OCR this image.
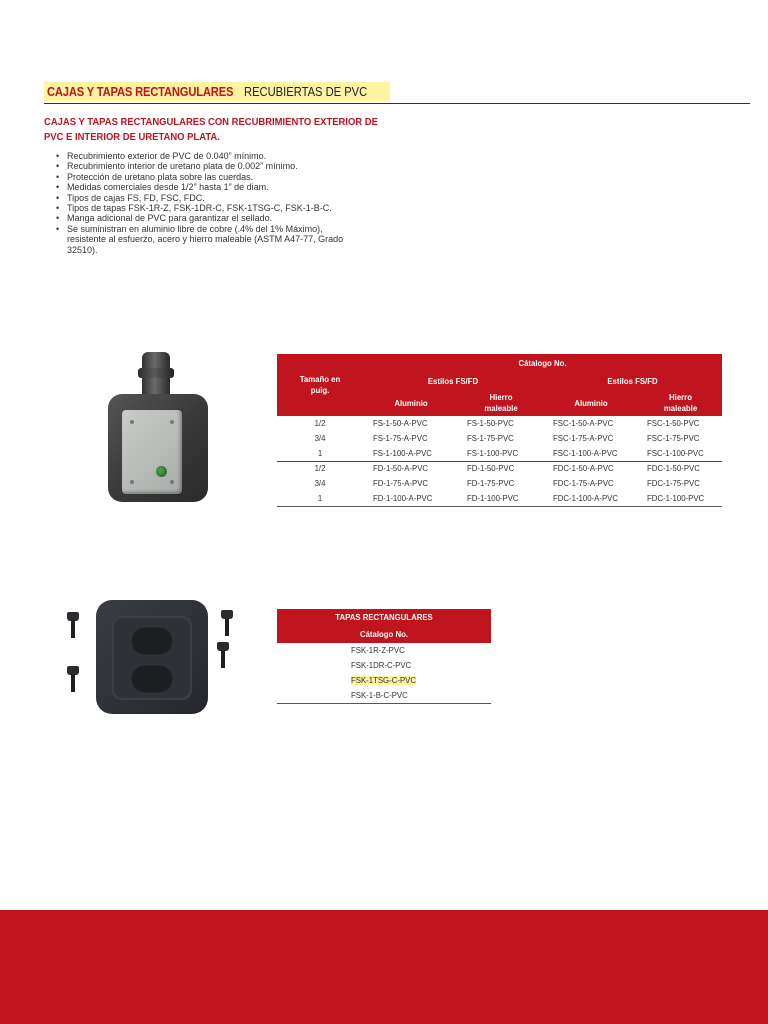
CAJAS Y TAPAS RECTANGULARES RECUBIERTAS DE PVC
CAJAS Y TAPAS RECTANGULARES CON RECUBRIMIENTO EXTERIOR DE
PVC E INTERIOR DE URETANO PLATA.
• Recubrimiento exterior de PVC de 0.040” mínimo.
• Recubrimiento interior de uretano plata de 0.002” mínimo.
• Protección de uretano plata sobre las cuerdas.
• Medidas comerciales desde 1/2” hasta 1” de diam.
• Tipos de cajas FS, FD, FSC, FDC.
• Tipos de tapas FSK-1R-Z, FSK-1DR-C, FSK-1TSG-C, FSK-1-B-C.
• Manga adicional de PVC para garantizar el sellado.
• Se suministran en aluminio libre de cobre (.4% del 1% Máximo), resistente al esfuerzo, acero y hierro maleable (ASTM A47-77, Grado 32510).
Tamaño en puig.	Cátalogo No.			
	Estilos FS/FD		Estilos FS/FD	
	Aluminio	Hierro maleable	Aluminio	Hierro maleable
1/2	FS-1-50-A-PVC	FS-1-50-PVC	FSC-1-50-A-PVC	FSC-1-50-PVC
3/4	FS-1-75-A-PVC	FS-1-75-PVC	FSC-1-75-A-PVC	FSC-1-75-PVC
1	FS-1-100-A-PVC	FS-1-100-PVC	FSC-1-100-A-PVC	FSC-1-100-PVC
1/2	FD-1-50-A-PVC	FD-1-50-PVC	FDC-1-50-A-PVC	FDC-1-50-PVC
3/4	FD-1-75-A-PVC	FD-1-75-PVC	FDC-1-75-A-PVC	FDC-1-75-PVC
1	FD-1-100-A-PVC	FD-1-100-PVC	FDC-1-100-A-PVC	FDC-1-100-PVC
TAPAS RECTANGULARES
Cátalogo No.
FSK-1R-Z-PVC
FSK-1DR-C-PVC
FSK-1TSG-C-PVC
FSK-1-B-C-PVC
